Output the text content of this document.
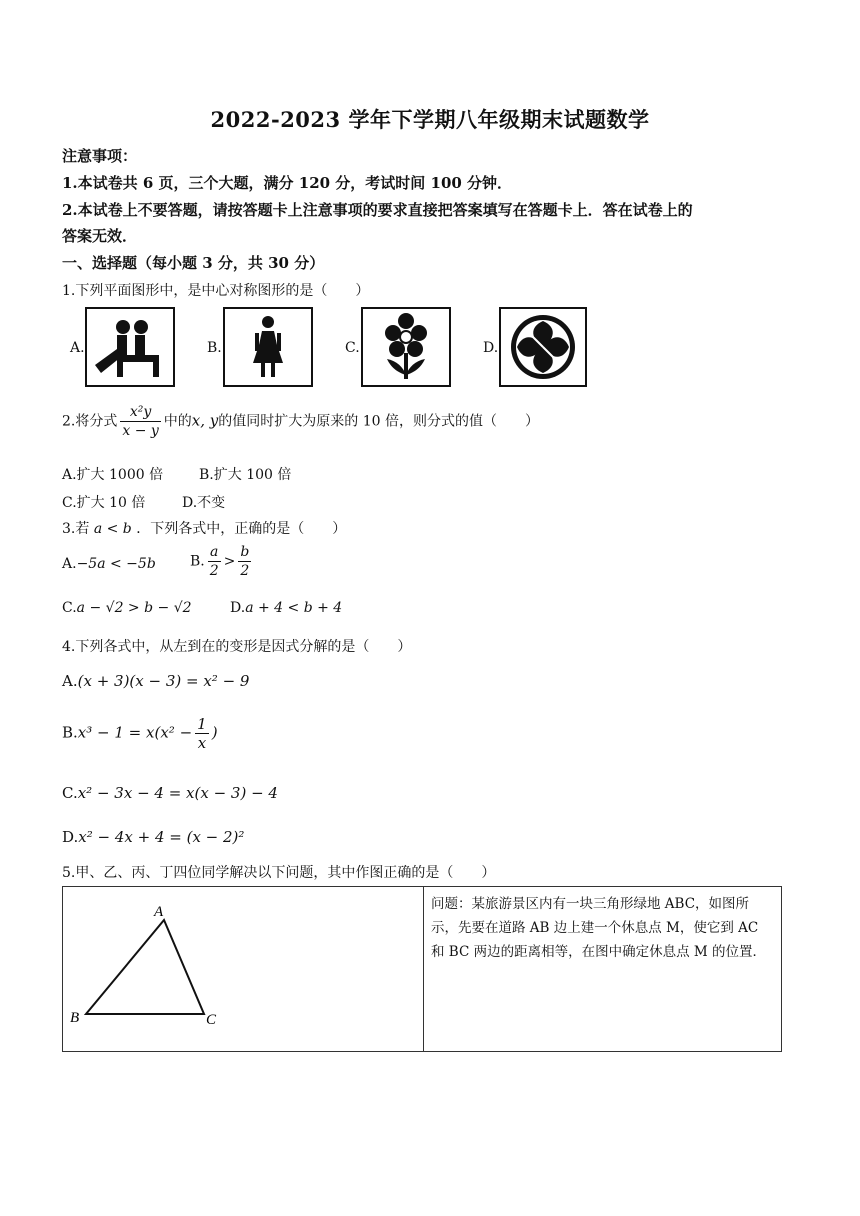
2022-2023 学年下学期八年级期末试题数学
注意事项：
1.本试卷共 6 页，三个大题，满分 120 分，考试时间 100 分钟．
2.本试卷上不要答题，请按答题卡上注意事项的要求直接把答案填写在答题卡上．答在试卷上的
答案无效．
一、选择题（每小题 3 分，共 30 分）
1.下列平面图形中，是中心对称图形的是（　　）
A.	B.	C.	D.
2.将分式 $\frac{\text{x²y}}{x - y}$ 中的x, y的值同时扩大为原来的 10 倍，则分式的值（　　）
A.扩大 1000 倍	B.扩大 100 倍
C.扩大 10 倍	D.不变
3.若 a < b ．下列各式中，正确的是（　　）
A.−5a < −5b B. $\frac{a}{2} > \frac{b}{2}$
C.a − √2 > b − √2	D.a + 4 < b + 4
4.下列各式中，从左到在的变形是因式分解的是（　　）
A.(x + 3)(x − 3) = x² − 9
$B.x^3 - 1 = x(x^2 - \frac{1}{x}$ )
C.x² − 3x − 4 = x(x − 3) − 4
D.x² − 4x + 4 = (x − 2)²
5.甲、乙、丙、丁四位同学解决以下问题，其中作图正确的是（　　）
A
B	C

问题：某旅游景区内有一块三角形绿地 ABC，如图所示，先要在道路 AB 边上建一个休息点 M，使它到 AC 和 BC 两边的距离相等，在图中确定休息点 M 的位置．
